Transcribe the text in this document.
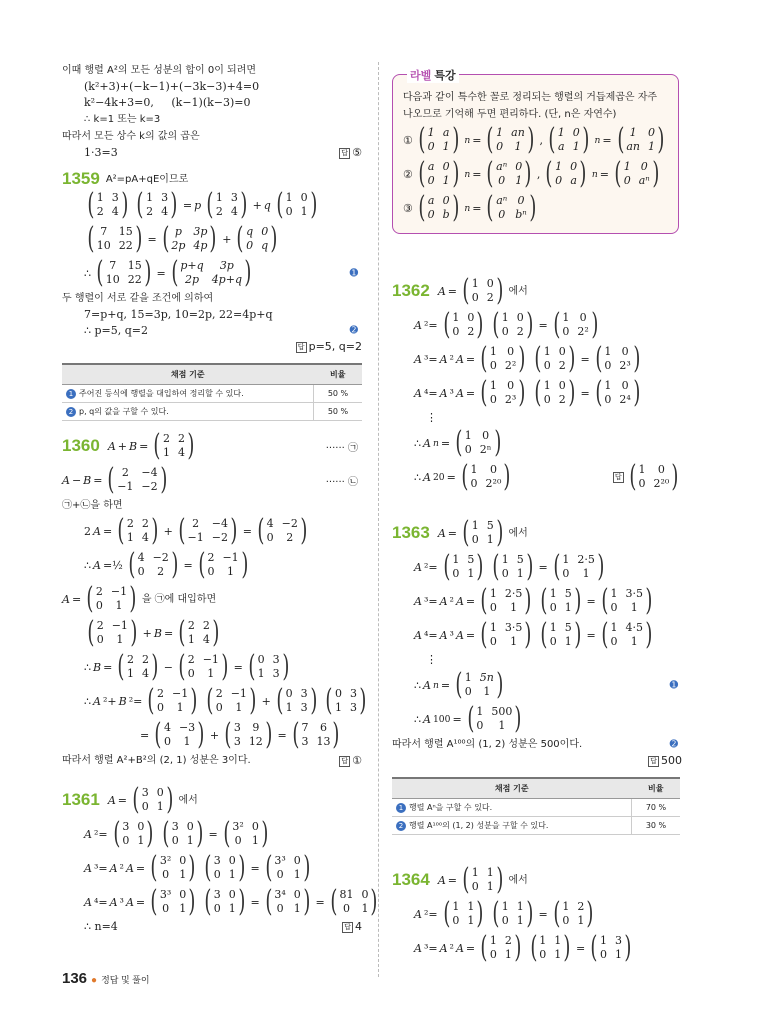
이때 행렬 A²의 모든 성분의 합이 0이 되려면
(k²+3)+(−k−1)+(−3k−3)+4=0
k²−4k+3=0, (k−1)(k−3)=0
∴ k=1 또는 k=3
따라서 모든 상수 k의 값의 곱은
1·3=3	답 ⑤
1359 A²=pA+qE이므로
( 1 3
2 4 ) ( 1 3
2 4 ) = p ( 1 3
2 4 ) + q ( 1 0
0 1 )
( 7	15
10 22 ) = ( p	3p
2p 4p ) + ( q 0
0 q )
∴ ( 7	15
10 22 ) = ( p+q	3p
2p	4p+q )	➊
두 행렬이 서로 같을 조건에 의하여
7=p+q, 15=3p, 10=2p, 22=4p+q
∴ p=5, q=2	➋
답 p=5, q=2
채점 기준	비율
1 주어진 등식에 행렬을 대입하여 정리할 수 있다.	50 %
2 p, q의 값을 구할 수 있다.	50 %
1360 A + B = ( 2 2
1 4 )	······ ㉠
A − B = ( 2	−4
−1 −2 )	······ ㉡
㉠+㉡을 하면
2 A = ( 2 2
1 4 ) + ( 2	−4
−1 −2 ) = ( 4 −2
0	2 )
∴ A =½ ( 4 −2
0	2 ) = ( 2 −1
0	1 )
A = ( 2 −1
0	1 ) 을 ㉠에 대입하면
( 2 −1
0	1 ) + B = ( 2 2
1 4 )
∴ B = ( 2 2
1 4 ) − ( 2 −1
0	1 ) = ( 0 3
1 3 )
∴ A ²+ B ²= ( 2 −1
0	1 ) ( 2 −1
0	1 ) + ( 0 3
1 3 ) ( 0 3
1 3 )
= ( 4 −3
0	1 ) + ( 3	9
3 12 ) = ( 7	6
3 13 )
따라서 행렬 A²+B²의 (2, 1) 성분은 3이다.	답 ①
1361 A = ( 3 0
0 1 ) 에서
A ²= ( 3 0
0 1 ) ( 3 0
0 1 ) = ( 3² 0
0 1 )
A ³= A ² A = ( 3² 0
0 1 ) ( 3 0
0 1 ) = ( 3³ 0
0 1 )
A ⁴= A ³ A = ( 3³ 0
0 1 ) ( 3 0
0 1 ) = ( 3⁴ 0
0 1 ) = ( 81 0
0	1 )
∴ n=4	답 4
라벨 특강
다음과 같이 특수한 꼴로 정리되는 행렬의 거듭제곱은 자주 나오므로 기억해 두면 편리하다. (단, n은 자연수)
① ( 1 a
0 1 ) n = ( 1 an
0	1 ) , ( 1 0
a 1 ) n = ( 1	0
an 1 )
② ( a 0
0 1 ) n = ( aⁿ 0
0 1 ) , ( 1 0
0 a ) n = ( 1 0
0 aⁿ )
③ ( a 0
0 b ) n = ( aⁿ 0
0 bⁿ )
1362 A = ( 1 0
0 2 ) 에서
A ²= ( 1 0
0 2 ) ( 1 0
0 2 ) = ( 1 0
0 2² )
A ³= A ² A = ( 1 0
0 2² ) ( 1 0
0 2 ) = ( 1 0
0 2³ )
A ⁴= A ³ A = ( 1 0
0 2³ ) ( 1 0
0 2 ) = ( 1 0
0 2⁴ )
⋮
∴ A n = ( 1 0
0 2ⁿ )
∴ A 20 = ( 1	0
0 2²⁰ )	답 ( 1	0
0 2²⁰ )
1363 A = ( 1 5
0 1 ) 에서
A ²= ( 1 5
0 1 ) ( 1 5
0 1 ) = ( 1 2·5
0	1 )
A ³= A ² A = ( 1 2·5
0	1 ) ( 1 5
0 1 ) = ( 1 3·5
0	1 )
A ⁴= A ³ A = ( 1 3·5
0	1 ) ( 1 5
0 1 ) = ( 1 4·5
0	1 )
⋮
∴ A n = ( 1 5n
0	1 )	➊
∴ A 100 = ( 1 500
0	1 )
따라서 행렬 A¹⁰⁰의 (1, 2) 성분은 500이다.	➋
답 500
채점 기준	비율
1 행렬 Aⁿ을 구할 수 있다.	70 %
2 행렬 A¹⁰⁰의 (1, 2) 성분을 구할 수 있다.	30 %
1364 A = ( 1 1
0 1 ) 에서
A ²= ( 1 1
0 1 ) ( 1 1
0 1 ) = ( 1 2
0 1 )
A ³= A ² A = ( 1 2
0 1 ) ( 1 1
0 1 ) = ( 1 3
0 1 )
136 ● 정답 및 풀이
